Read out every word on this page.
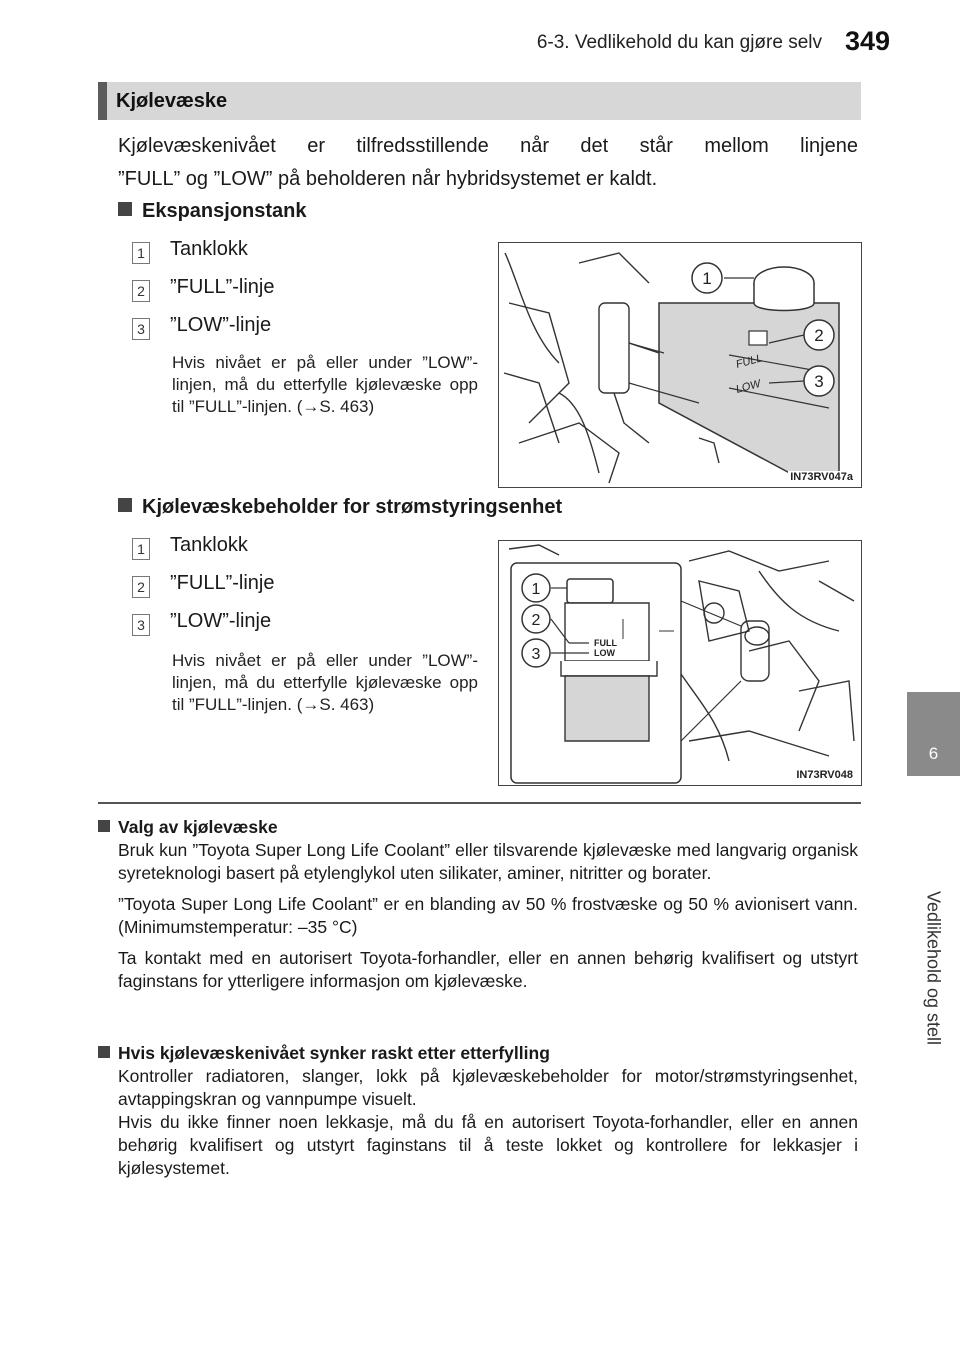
6-3. Vedlikehold du kan gjøre selv 349
6
Vedlikehold og stell
Kjølevæske
Kjølevæskenivået er tilfredsstillende når det står mellom linjene
”FULL” og ”LOW” på beholderen når hybridsystemet er kaldt.
Ekspansjonstank
1 Tanklokk
2 ”FULL”-linje
3 ”LOW”-linje
Hvis nivået er på eller under ”LOW”-linjen, må du etterfylle kjølevæske opp til ”FULL”-linjen. (→S. 463)
FULL
LOW
1
2
3
IN73RV047a
Kjølevæskebeholder for strømstyringsenhet
1 Tanklokk
2 ”FULL”-linje
3 ”LOW”-linje
Hvis nivået er på eller under ”LOW”-linjen, må du etterfylle kjølevæske opp til ”FULL”-linjen. (→S. 463)
FULL
LOW
1
2
3
IN73RV048
Valg av kjølevæske

Bruk kun ”Toyota Super Long Life Coolant” eller tilsvarende kjølevæske med langvarig organisk syreteknologi basert på etylenglykol uten silikater, aminer, nitritter og borater.

”Toyota Super Long Life Coolant” er en blanding av 50 % frostvæske og 50 % avionisert vann. (Minimumstemperatur: –35 °C)

Ta kontakt med en autorisert Toyota-forhandler, eller en annen behørig kvalifisert og utstyrt faginstans for ytterligere informasjon om kjølevæske.

Hvis kjølevæskenivået synker raskt etter etterfylling

Kontroller radiatoren, slanger, lokk på kjølevæskebeholder for motor/strømstyringsenhet, avtappingskran og vannpumpe visuelt.

Hvis du ikke finner noen lekkasje, må du få en autorisert Toyota-forhandler, eller en annen behørig kvalifisert og utstyrt faginstans til å teste lokket og kontrollere for lekkasjer i kjølesystemet.
